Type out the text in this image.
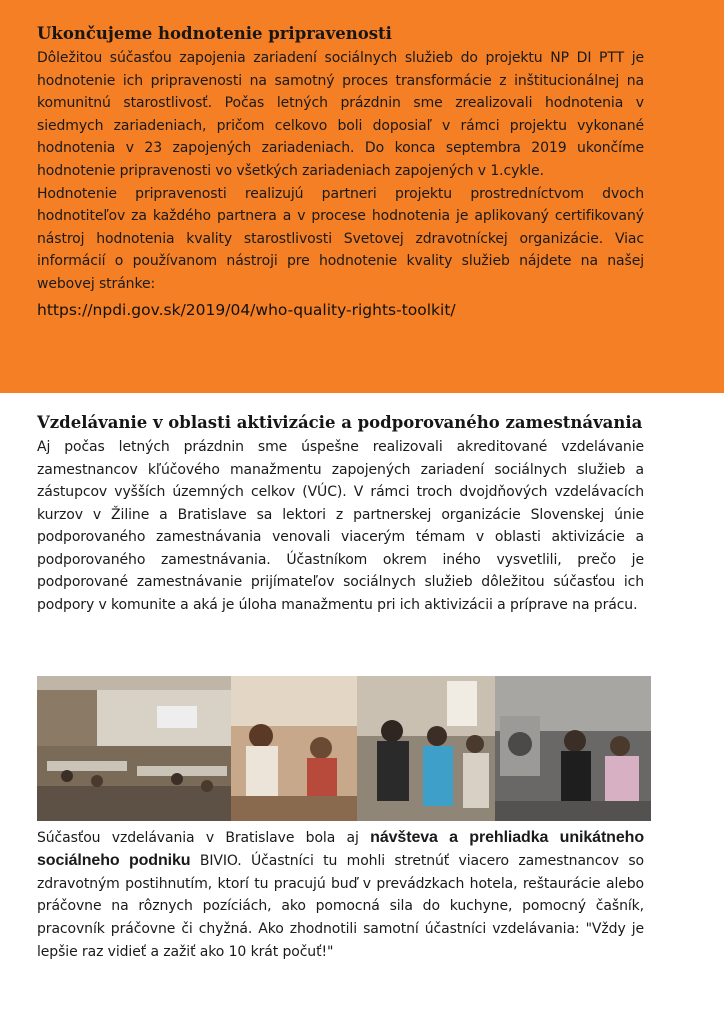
Ukončujeme hodnotenie pripravenosti

Dôležitou súčasťou zapojenia zariadení sociálnych služieb do projektu NP DI PTT je hodnotenie ich pripravenosti na samotný proces transformácie z inštitucionálnej na komunitnú starostlivosť. Počas letných prázdnin sme zrealizovali hodnotenia v siedmych zariadeniach, pričom celkovo boli doposiaľ v rámci projektu vykonané hodnotenia v 23 zapojených zariadeniach. Do konca septembra 2019 ukončíme hodnotenie pripravenosti vo všetkých zariadeniach zapojených v 1.cykle.

Hodnotenie pripravenosti realizujú partneri projektu prostredníctvom dvoch hodnotiteľov za každého partnera a v procese hodnotenia je aplikovaný certifikovaný nástroj hodnotenia kvality starostlivosti Svetovej zdravotníckej organizácie. Viac informácií o používanom nástroji pre hodnotenie kvality služieb nájdete na našej webovej stránke:

https://npdi.gov.sk/2019/04/who-quality-rights-toolkit/
Vzdelávanie v oblasti aktivizácie a podporovaného zamestnávania

Aj počas letných prázdnin sme úspešne realizovali akreditované vzdelávanie zamestnancov kľúčového manažmentu zapojených zariadení sociálnych služieb a zástupcov vyšších územných celkov (VÚC). V rámci troch dvojdňových vzdelávacích kurzov v Žiline a Bratislave sa lektori z partnerskej organizácie Slovenskej únie podporovaného zamestnávania venovali viacerým témam v oblasti aktivizácie a podporovaného zamestnávania. Účastníkom okrem iného vysvetlili, prečo je podporované zamestnávanie prijímateľov sociálnych služieb dôležitou súčasťou ich podpory v komunite a aká je úloha manažmentu pri ich aktivizácii a príprave na prácu.

Súčasťou vzdelávania v Bratislave bola aj návšteva a prehliadka unikátneho sociálneho podniku BIVIO. Účastníci tu mohli stretnúť viacero zamestnancov so zdravotným postihnutím, ktorí tu pracujú buď v prevádzkach hotela, reštaurácie alebo práčovne na rôznych pozíciách, ako pomocná sila do kuchyne, pomocný čašník, pracovník práčovne či chyžná. Ako zhodnotili samotní účastníci vzdelávania: "Vždy je lepšie raz vidieť a zažiť ako 10 krát počuť!"
